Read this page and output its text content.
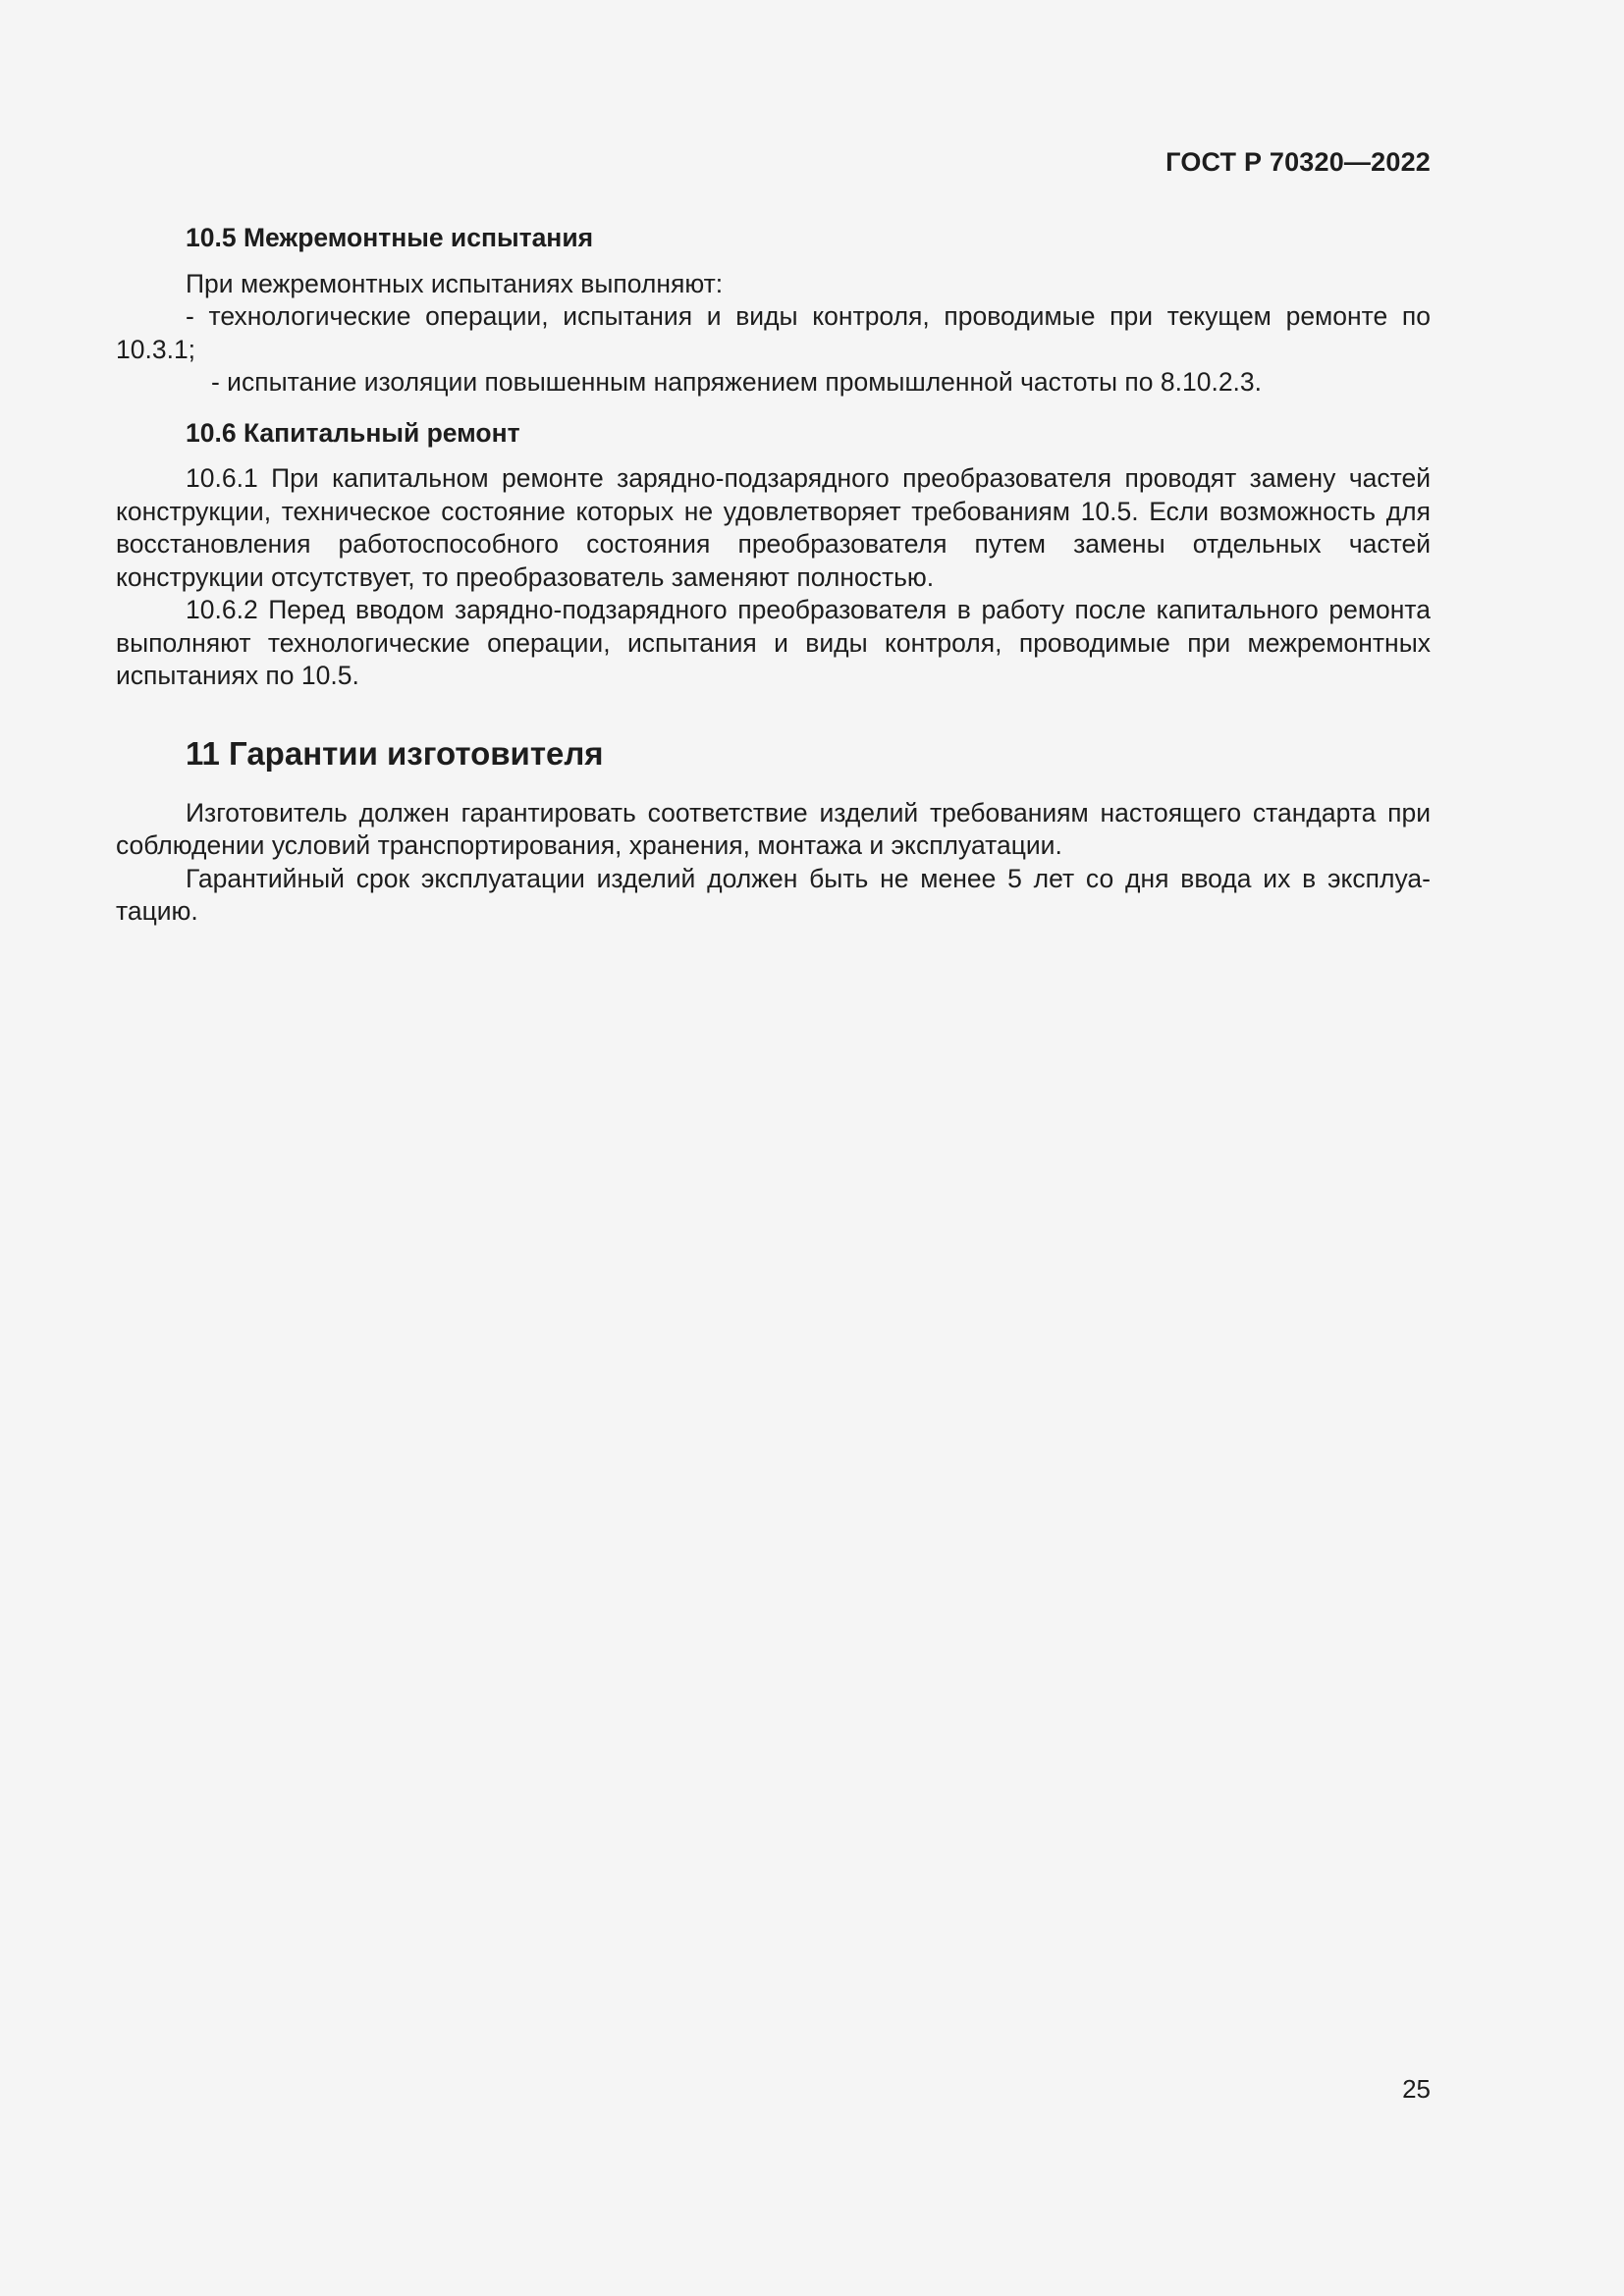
ГОСТ Р 70320—2022
10.5 Межремонтные испытания

При межремонтных испытаниях выполняют:

- технологические операции, испытания и виды контроля, проводимые при текущем ремонте по 10.3.1;

- испытание изоляции повышенным напряжением промышленной частоты по 8.10.2.3.

10.6 Капитальный ремонт

10.6.1 При капитальном ремонте зарядно-подзарядного преобразователя проводят замену частей конструкции, техническое состояние которых не удовлетворяет требованиям 10.5. Если возможность для восстановления работоспособного состояния преобразователя путем замены отдельных частей конструкции отсутствует, то преобразователь заменяют полностью.

10.6.2 Перед вводом зарядно-подзарядного преобразователя в работу после капитального ремонта выполняют технологические операции, испытания и виды контроля, проводимые при межремонтных испытаниях по 10.5.

11 Гарантии изготовителя

Изготовитель должен гарантировать соответствие изделий требованиям настоящего стандарта при соблюдении условий транспортирования, хранения, монтажа и эксплуатации.

Гарантийный срок эксплуатации изделий должен быть не менее 5 лет со дня ввода их в эксплуатацию.

25
